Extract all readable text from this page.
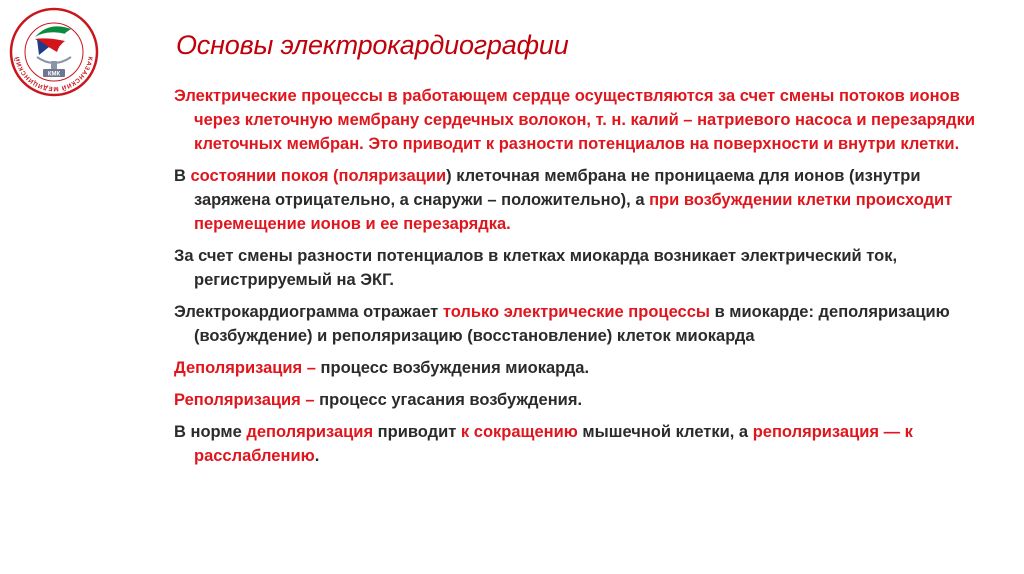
КАЗАНСКИЙ МЕДИЦИНСКИЙ
КМК
Основы электрокардиографии

Электрические процессы в работающем сердце осуществляются за счет смены потоков ионов через клеточную мембрану сердечных волокон, т. н. калий – натриевого насоса и перезарядки клеточных мембран. Это приводит к разности потенциалов на поверхности и внутри клетки.

В состоянии покоя (поляризации) клеточная мембрана не проницаема для ионов (изнутри заряжена отрицательно, а снаружи – положительно), а при возбуждении клетки происходит перемещение ионов и ее перезарядка.

За счет смены разности потенциалов в клетках миокарда возникает электрический ток, регистрируемый на ЭКГ.

Электрокардиограмма отражает только электрические процессы в миокарде: деполяризацию (возбуждение) и реполяризацию (восстановление) клеток миокарда

Деполяризация – процесс возбуждения миокарда.

Реполяризация – процесс угасания возбуждения.

В норме деполяризация приводит к сокращению мышечной клетки, а реполяризация — к расслаблению.
